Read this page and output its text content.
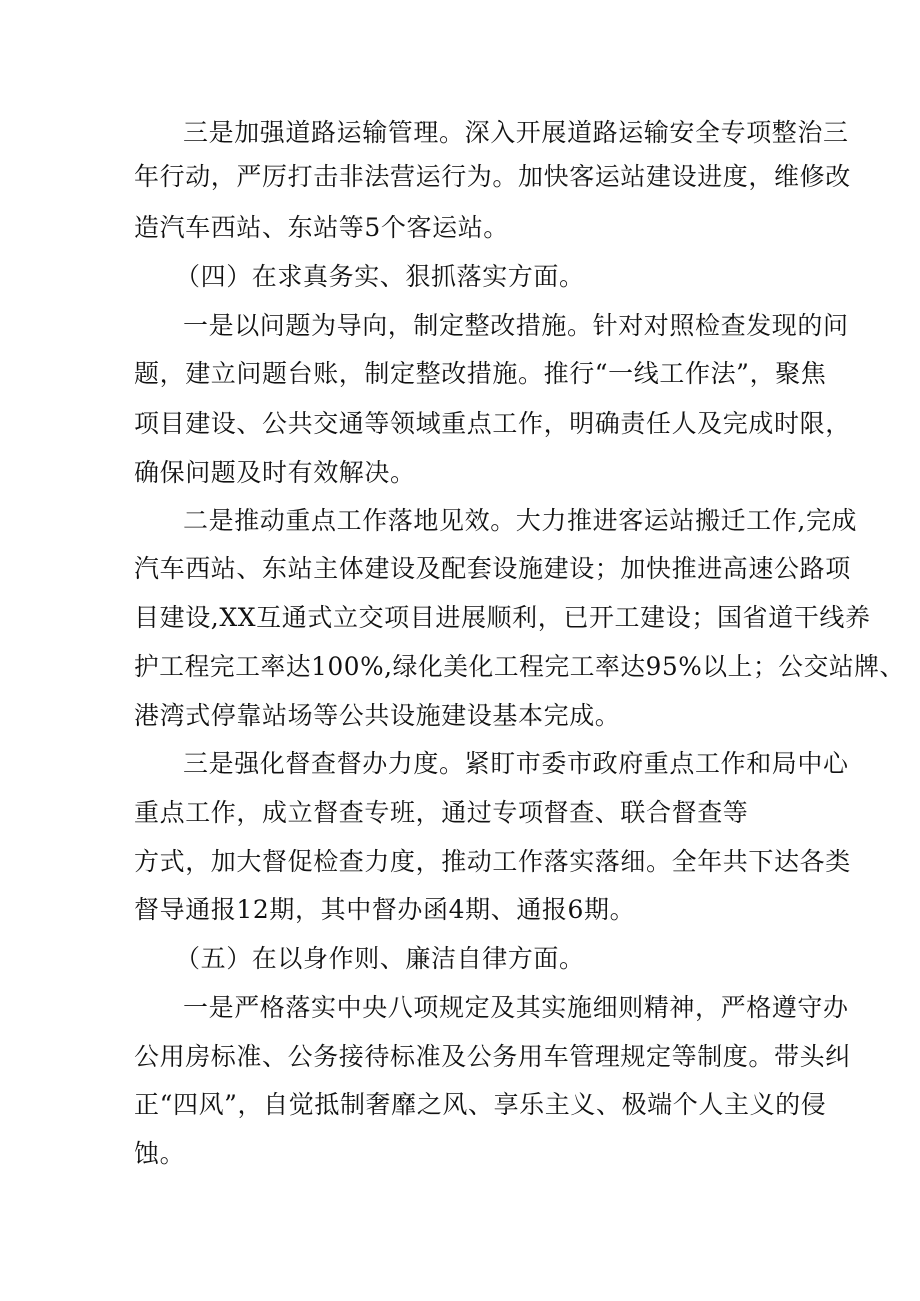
三是加强道路运输管理。深入开展道路运输安全专项整治三
年行动，严厉打击非法营运行为。加快客运站建设进度，维修改
造汽车西站、东站等5个客运站。
（四）在求真务实、狠抓落实方面。
一是以问题为导向，制定整改措施。针对对照检查发现的问
题，建立问题台账，制定整改措施。推行“一线工作法”，聚焦
项目建设、公共交通等领域重点工作，明确责任人及完成时限，
确保问题及时有效解决。
二是推动重点工作落地见效。大力推进客运站搬迁工作,完成
汽车西站、东站主体建设及配套设施建设；加快推进高速公路项
目建设,XX互通式立交项目进展顺利，已开工建设；国省道干线养
护工程完工率达100%,绿化美化工程完工率达95%以上；公交站牌、
港湾式停靠站场等公共设施建设基本完成。
三是强化督查督办力度。紧盯市委市政府重点工作和局中心
重点工作，成立督查专班，通过专项督查、联合督查等
方式，加大督促检查力度，推动工作落实落细。全年共下达各类
督导通报12期，其中督办函4期、通报6期。
（五）在以身作则、廉洁自律方面。
一是严格落实中央八项规定及其实施细则精神，严格遵守办
公用房标准、公务接待标准及公务用车管理规定等制度。带头纠
正“四风”，自觉抵制奢靡之风、享乐主义、极端个人主义的侵
蚀。
